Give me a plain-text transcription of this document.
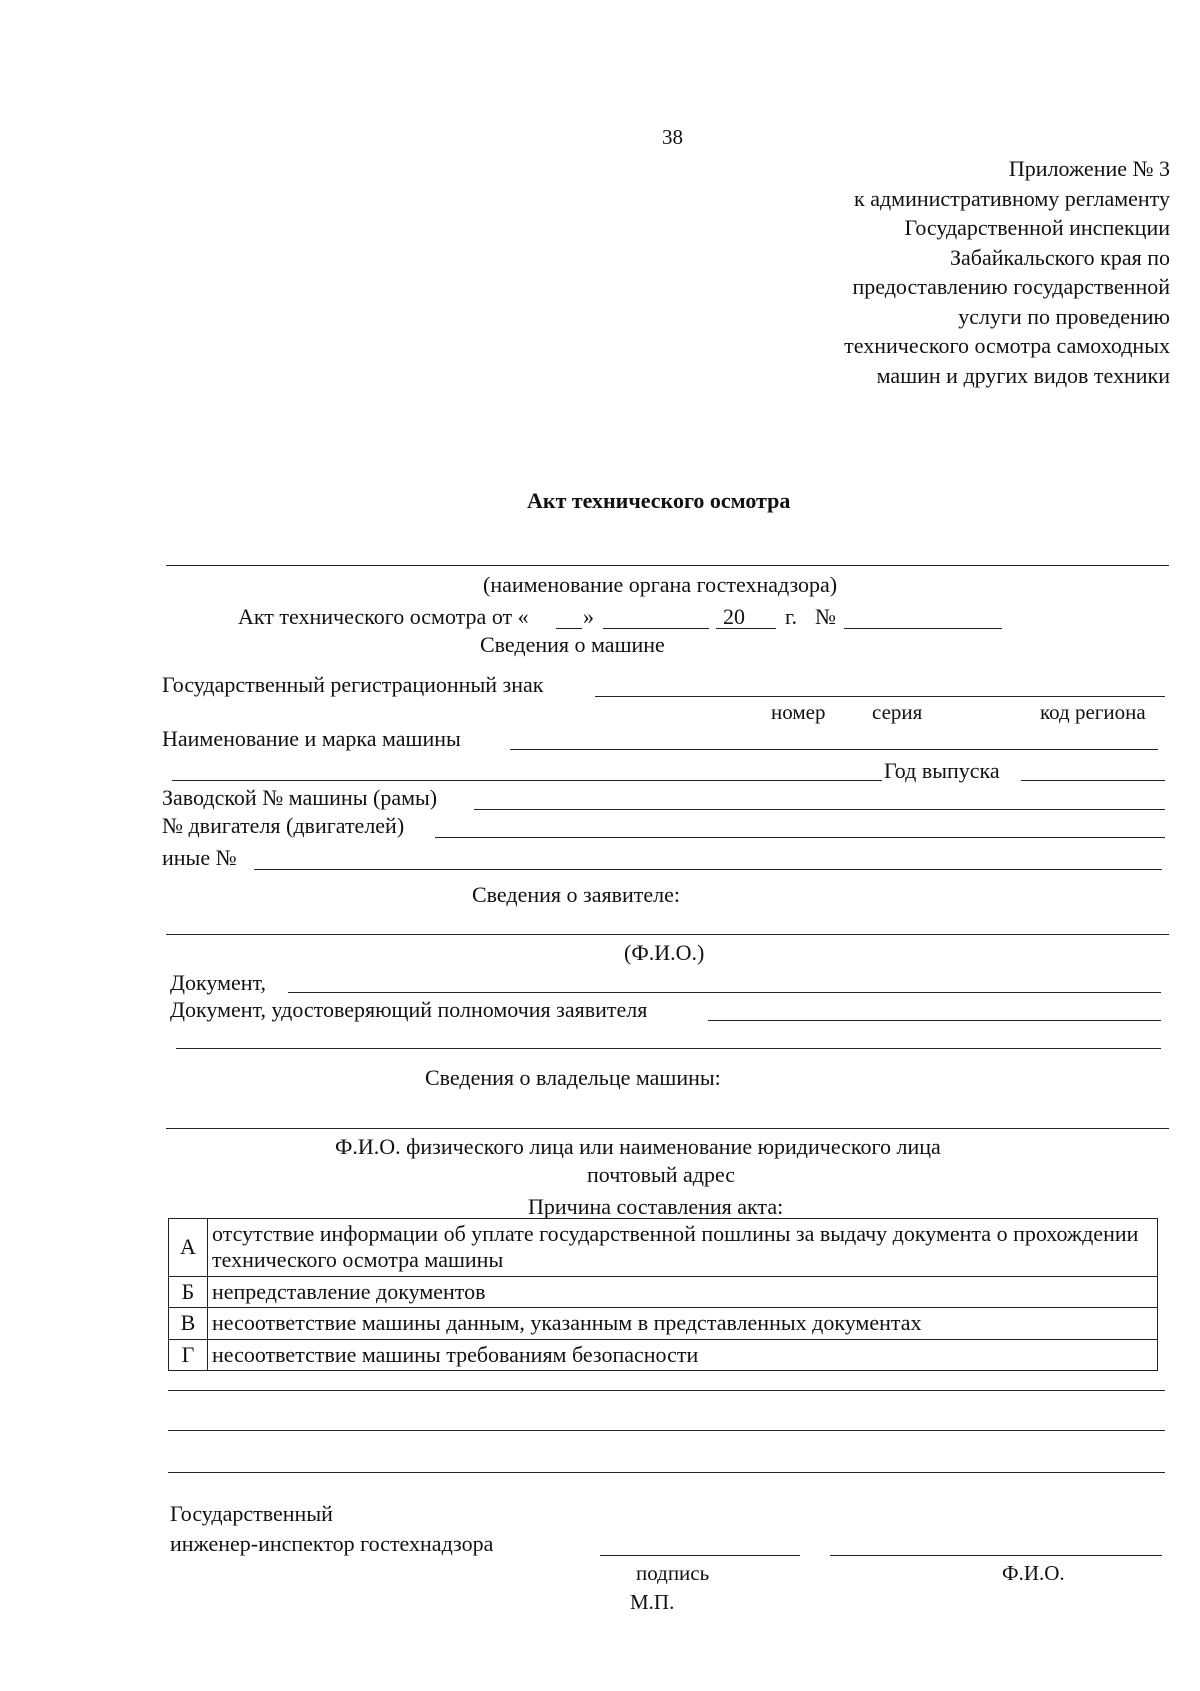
38
Приложение № 3
к административному регламенту
Государственной инспекции
Забайкальского края по
предоставлению государственной
услуги по проведению
технического осмотра самоходных
машин и других видов техники
Акт технического осмотра
(наименование органа гостехнадзора)
Акт технического осмотра от « »	20 г. №
Сведения о машине
Государственный регистрационный знак
номер серия	код региона
Наименование и марка машины
Год выпуска
Заводской № машины (рамы)
№ двигателя (двигателей)
иные №
Сведения о заявителе:
(Ф.И.О.)
Документ,
Документ, удостоверяющий полномочия заявителя
Сведения о владельце машины:
Ф.И.О. физического лица или наименование юридического лица
почтовый адрес
Причина составления акта:
А	отсутствие информации об уплате государственной пошлины за выдачу документа о прохождении технического осмотра машины
Б	непредставление документов
В	несоответствие машины данным, указанным в представленных документах
Г	несоответствие машины требованиям безопасности
Государственный
инженер-инспектор гостехнадзора
подпись	Ф.И.О.
М.П.
